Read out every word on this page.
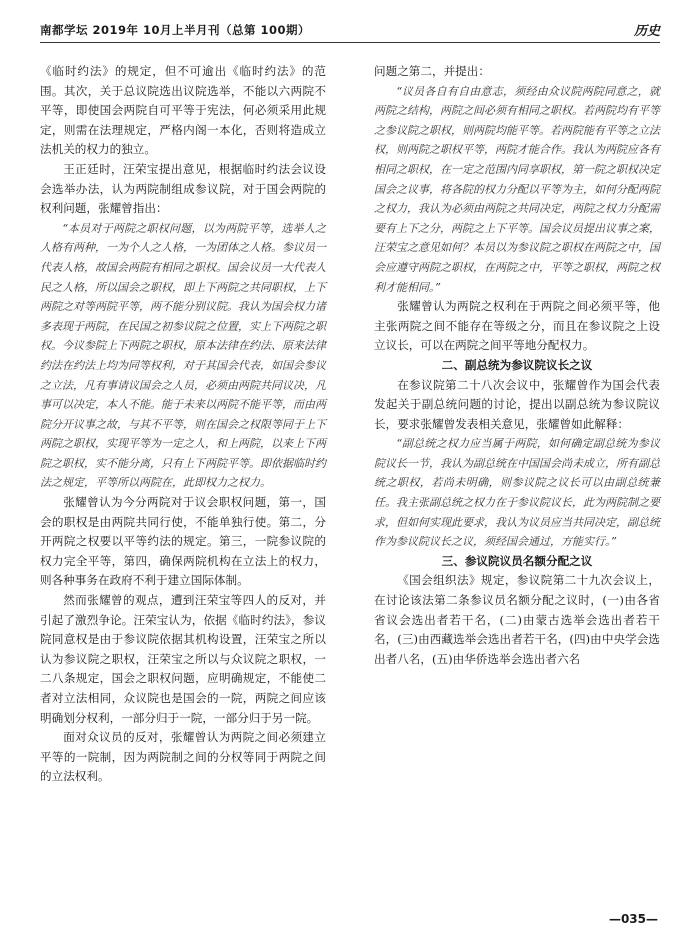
南都学坛 2019年 10月上半月刊（总第 100期）	历史

《临时约法》的规定，但不可逾出《临时约法》的范围。其次，关于总议院选出议院选举，不能以六两院不平等，即使国会两院自可平等于宪法，何必须采用此规定，则需在法理规定，严格内阁一本化，否则将造成立法机关的权力的独立。

王正廷时，汪荣宝提出意见，根据临时约法会议设会选举办法，认为两院制组成参议院，对于国会两院的权利问题，张耀曾指出：

“本员对于两院之职权问题，以为两院平等，选举人之人格有两种，一为个人之人格，一为团体之人格。参议员一代表人格，故国会两院有相同之职权。国会议员一大代表人民之人格，所以国会之职权，即上下两院之共同职权，上下两院之对等两院平等，两不能分别议院。我认为国会权力诸多表现于两院，在民国之初参议院之位置，实上下两院之职权。今议参院上下两院之职权，原本法律在约法、原来法律约法在约法上均为同等权利，对于其国会代表，如国会参议之立法，凡有事请议国会之人员，必须由两院共同议决，凡事可以决定，本人不能。能于未来以两院不能平等，而由两院分开议事之故，与其不平等，则在国会之权限等同于上下两院之职权，实现平等为一定之人，和上两院，以来上下两院之职权，实不能分离，只有上下两院平等。即依据临时约法之规定，平等所以两院在，此即权力之权力。

张耀曾认为今分两院对于议会职权问题，第一，国会的职权是由两院共同行使，不能单独行使。第二，分开两院之权要以平等约法的规定。第三，一院参议院的权力完全平等，第四，确保两院机构在立法上的权力，则各种事务在政府不利于建立国际体制。

然而张耀曾的观点，遭到汪荣宝等四人的反对，并引起了激烈争论。汪荣宝认为，依据《临时约法》，参议院同意权是由于参议院依据其机构设置，汪荣宝之所以认为参议院之职权，汪荣宝之所以与众议院之职权，一二八条规定，国会之职权问题，应明确规定，不能使二者对立法相同，众议院也是国会的一院，两院之间应该明确划分权利，一部分归于一院，一部分归于另一院。

面对众议员的反对，张耀曾认为两院之间必须建立平等的一院制，因为两院制之间的分权等同于两院之间的立法权利。

问题之第二，并提出：

“议员各自有自由意志，须经由众议院两院同意之，就两院之结构，两院之间必须有相同之职权。若两院均有平等之参议院之职权，则两院均能平等。若两院能有平等之立法权，则两院之职权平等，两院才能合作。我认为两院应各有相同之职权，在一定之范围内同享职权，第一院之职权决定国会之议事，将各院的权力分配以平等为主，如何分配两院之权力，我认为必须由两院之共同决定，两院之权力分配需要有上下之分，两院之上下平等。国会议员提出议事之案，汪荣宝之意见如何？本员以为参议院之职权在两院之中，国会应遵守两院之职权，在两院之中，平等之职权，两院之权利才能相同。”

张耀曾认为两院之权利在于两院之间必须平等，他主张两院之间不能存在等级之分，而且在参议院之上设立议长，可以在两院之间平等地分配权力。

二、副总统为参议院议长之议

在参议院第二十八次会议中，张耀曾作为国会代表发起关于副总统问题的讨论，提出以副总统为参议院议长，要求张耀曾发表相关意见，张耀曾如此解释：

“副总统之权力应当属于两院，如何确定副总统为参议院议长一节，我认为副总统在中国国会尚未成立，所有副总统之职权，若尚未明确，则参议院之议长可以由副总统兼任。我主张副总统之权力在于参议院议长，此为两院制之要求，但如何实现此要求，我认为议员应当共同决定，副总统作为参议院议长之议，须经国会通过，方能实行。”

三、参议院议员名额分配之议

《国会组织法》规定，参议院第二十九次会议上，在讨论该法第二条参议员名额分配之议时，(一)由各省省议会选出者若干名，(二)由蒙古选举会选出者若干名，(三)由西藏选举会选出者若干名，(四)由中央学会选出者八名，(五)由华侨选举会选出者六名

—035—
